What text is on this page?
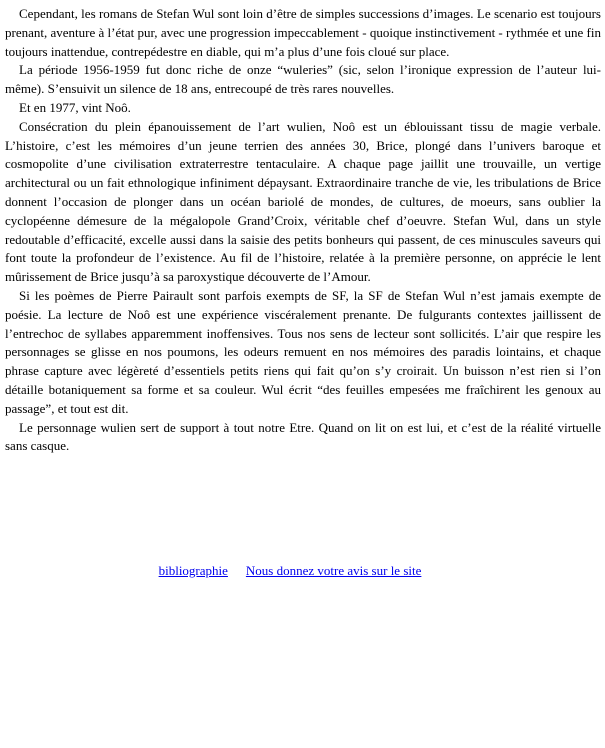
Cependant, les romans de Stefan Wul sont loin d’être de simples successions d’images. Le scenario est toujours prenant, aventure à l’état pur, avec une progression impeccablement - quoique instinctivement - rythmée et une fin toujours inattendue, contrepédestre en diable, qui m’a plus d’une fois cloué sur place.

La période 1956-1959 fut donc riche de onze “wuleries” (sic, selon l’ironique expression de l’auteur lui-même). S’ensuivit un silence de 18 ans, entrecoupé de très rares nouvelles.

Et en 1977, vint Noô.

Consécration du plein épanouissement de l’art wulien, Noô est un éblouissant tissu de magie verbale. L’histoire, c’est les mémoires d’un jeune terrien des années 30, Brice, plongé dans l’univers baroque et cosmopolite d’une civilisation extraterrestre tentaculaire. A chaque page jaillit une trouvaille, un vertige architectural ou un fait ethnologique infiniment dépaysant. Extraordinaire tranche de vie, les tribulations de Brice donnent l’occasion de plonger dans un océan bariolé de mondes, de cultures, de moeurs, sans oublier la cyclopéenne démesure de la mégalopole Grand’Croix, véritable chef d’oeuvre. Stefan Wul, dans un style redoutable d’efficacité, excelle aussi dans la saisie des petits bonheurs qui passent, de ces minuscules saveurs qui font toute la profondeur de l’existence. Au fil de l’histoire, relatée à la première personne, on apprécie le lent mûrissement de Brice jusqu’à sa paroxystique découverte de l’Amour.

Si les poèmes de Pierre Pairault sont parfois exempts de SF, la SF de Stefan Wul n’est jamais exempte de poésie. La lecture de Noô est une expérience viscéralement prenante. De fulgurants contextes jaillissent de l’entrechoc de syllabes apparemment inoffensives. Tous nos sens de lecteur sont sollicités. L’air que respire les personnages se glisse en nos poumons, les odeurs remuent en nos mémoires des paradis lointains, et chaque phrase capture avec légèreté d’essentiels petits riens qui fait qu’on s’y croirait. Un buisson n’est rien si l’on détaille botaniquement sa forme et sa couleur. Wul écrit “des feuilles empesées me fraîchirent les genoux au passage”, et tout est dit.

Le personnage wulien sert de support à tout notre Etre. Quand on lit on est lui, et c’est de la réalité virtuelle sans casque.

bibliographie Nous donnez votre avis sur le site
